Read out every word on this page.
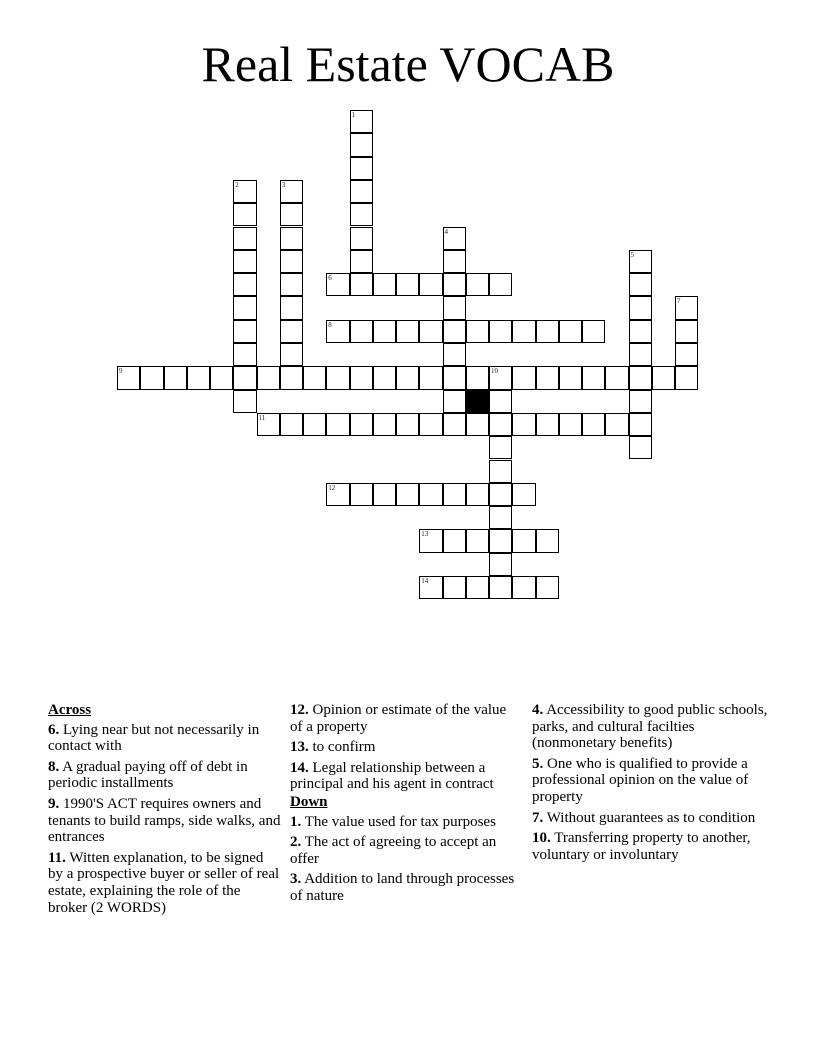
Real Estate VOCAB
1
2	3
4
5
6
7
8
9	10
11
12
13
14
Across
6. Lying near but not necessarily in contact with
8. A gradual paying off of debt in periodic installments
9. 1990'S ACT requires owners and tenants to build ramps, side walks, and entrances
11. Witten explanation, to be signed by a prospective buyer or seller of real estate, explaining the role of the broker (2 WORDS)
12. Opinion or estimate of the value of a property
13. to confirm
14. Legal relationship between a principal and his agent in contract
Down
1. The value used for tax purposes
2. The act of agreeing to accept an offer
3. Addition to land through processes of nature
4. Accessibility to good public schools, parks, and cultural facilties (nonmonetary benefits)
5. One who is qualified to provide a professional opinion on the value of property
7. Without guarantees as to condition
10. Transferring property to another, voluntary or involuntary
